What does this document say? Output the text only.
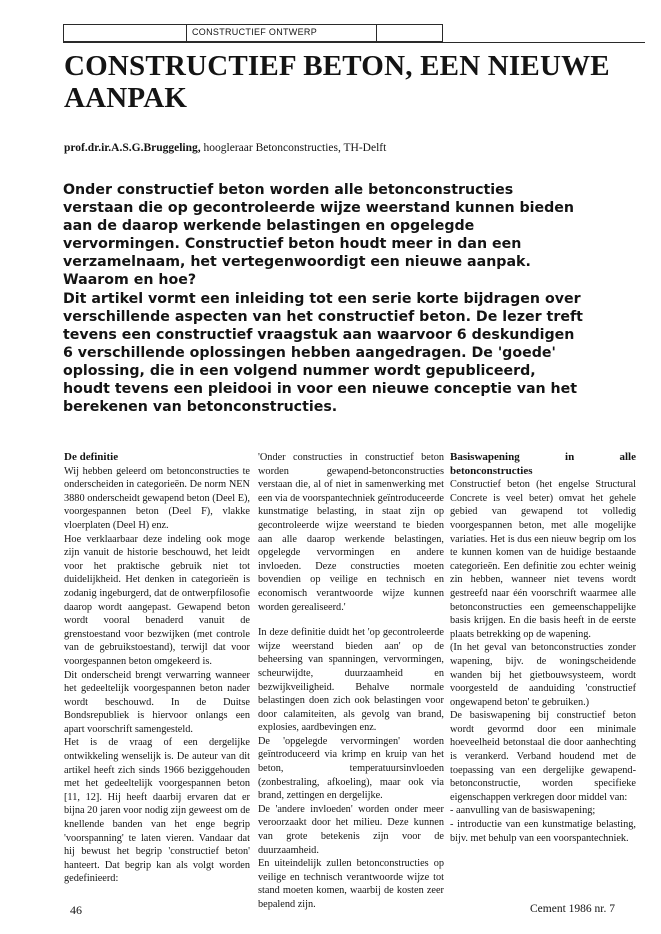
CONSTRUCTIEF ONTWERP
CONSTRUCTIEF BETON, EEN NIEUWE AANPAK
prof.dr.ir.A.S.G.Bruggeling, hoogleraar Betonconstructies, TH-Delft

Onder constructief beton worden alle betonconstructies verstaan die op gecontroleerde wijze weerstand kunnen bieden aan de daarop werkende belastingen en opgelegde vervormingen. Constructief beton houdt meer in dan een verzamelnaam, het vertegenwoordigt een nieuwe aanpak. Waarom en hoe?

Dit artikel vormt een inleiding tot een serie korte bijdragen over verschillende aspecten van het constructief beton. De lezer treft tevens een constructief vraagstuk aan waarvoor 6 deskundigen 6 verschillende oplossingen hebben aangedragen. De 'goede' oplossing, die in een volgend nummer wordt gepubliceerd, houdt tevens een pleidooi in voor een nieuwe conceptie van het berekenen van betonconstructies.

De definitie

Wij hebben geleerd om betonconstructies te onderscheiden in categorieën. De norm NEN 3880 onderscheidt gewapend beton (Deel E), voorgespannen beton (Deel F), vlakke vloerplaten (Deel H) enz.

Hoe verklaarbaar deze indeling ook moge zijn vanuit de historie beschouwd, het leidt voor het praktische gebruik niet tot duidelijkheid. Het denken in categorieën is zodanig ingeburgerd, dat de ontwerpfilosofie daarop wordt aangepast. Gewapend beton wordt vooral benaderd vanuit de grenstoestand voor bezwijken (met controle van de gebruikstoestand), terwijl dat voor voorgespannen beton omgekeerd is.

Dit onderscheid brengt verwarring wanneer het gedeeltelijk voorgespannen beton nader wordt beschouwd. In de Duitse Bondsrepubliek is hiervoor onlangs een apart voorschrift samengesteld.

Het is de vraag of een dergelijke ontwikkeling wenselijk is. De auteur van dit artikel heeft zich sinds 1966 beziggehouden met het gedeeltelijk voorgespannen beton [11, 12]. Hij heeft daarbij ervaren dat er bijna 20 jaren voor nodig zijn geweest om de knellende banden van het enge begrip 'voorspanning' te laten vieren. Vandaar dat hij bewust het begrip 'constructief beton' hanteert. Dat begrip kan als volgt worden gedefinieerd:

'Onder constructies in constructief beton worden gewapend-betonconstructies verstaan die, al of niet in samenwerking met een via de voorspantechniek geïntroduceerde kunstmatige belasting, in staat zijn op gecontroleerde wijze weerstand te bieden aan alle daarop werkende belastingen, opgelegde vervormingen en andere invloeden. Deze constructies moeten bovendien op veilige en technisch en economisch verantwoorde wijze kunnen worden gerealiseerd.'

In deze definitie duidt het 'op gecontroleerde wijze weerstand bieden aan' op de beheersing van spanningen, vervormingen, scheurwijdte, duurzaamheid en bezwijkveiligheid. Behalve normale belastingen doen zich ook belastingen voor door calamiteiten, als gevolg van brand, explosies, aardbevingen enz.

De 'opgelegde vervormingen' worden geïntroduceerd via krimp en kruip van het beton, temperatuursinvloeden (zonbestraling, afkoeling), maar ook via brand, zettingen en dergelijke.

De 'andere invloeden' worden onder meer veroorzaakt door het milieu. Deze kunnen van grote betekenis zijn voor de duurzaamheid.

En uiteindelijk zullen betonconstructies op veilige en technisch verantwoorde wijze tot stand moeten komen, waarbij de kosten zeer bepalend zijn.

Basiswapening in alle betonconstructies

Constructief beton (het engelse Structural Concrete is veel beter) omvat het gehele gebied van gewapend tot volledig voorgespannen beton, met alle mogelijke variaties. Het is dus een nieuw begrip om los te kunnen komen van de huidige bestaande categorieën. Een definitie zou echter weinig zin hebben, wanneer niet tevens wordt gestreefd naar één voorschrift waarmee alle betonconstructies een gemeenschappelijke basis krijgen. En die basis heeft in de eerste plaats betrekking op de wapening.

(In het geval van betonconstructies zonder wapening, bijv. de woningscheidende wanden bij het gietbouwsysteem, wordt voorgesteld de aanduiding 'constructief ongewapend beton' te gebruiken.)

De basiswapening bij constructief beton wordt gevormd door een minimale hoeveelheid betonstaal die door aanhechting is verankerd. Verband houdend met de toepassing van een dergelijke gewapend-betonconstructie, worden specifieke eigenschappen verkregen door middel van:

- aanvulling van de basiswapening;

- introductie van een kunstmatige belasting, bijv. met behulp van een voorspantechniek.

46	Cement 1986 nr. 7
